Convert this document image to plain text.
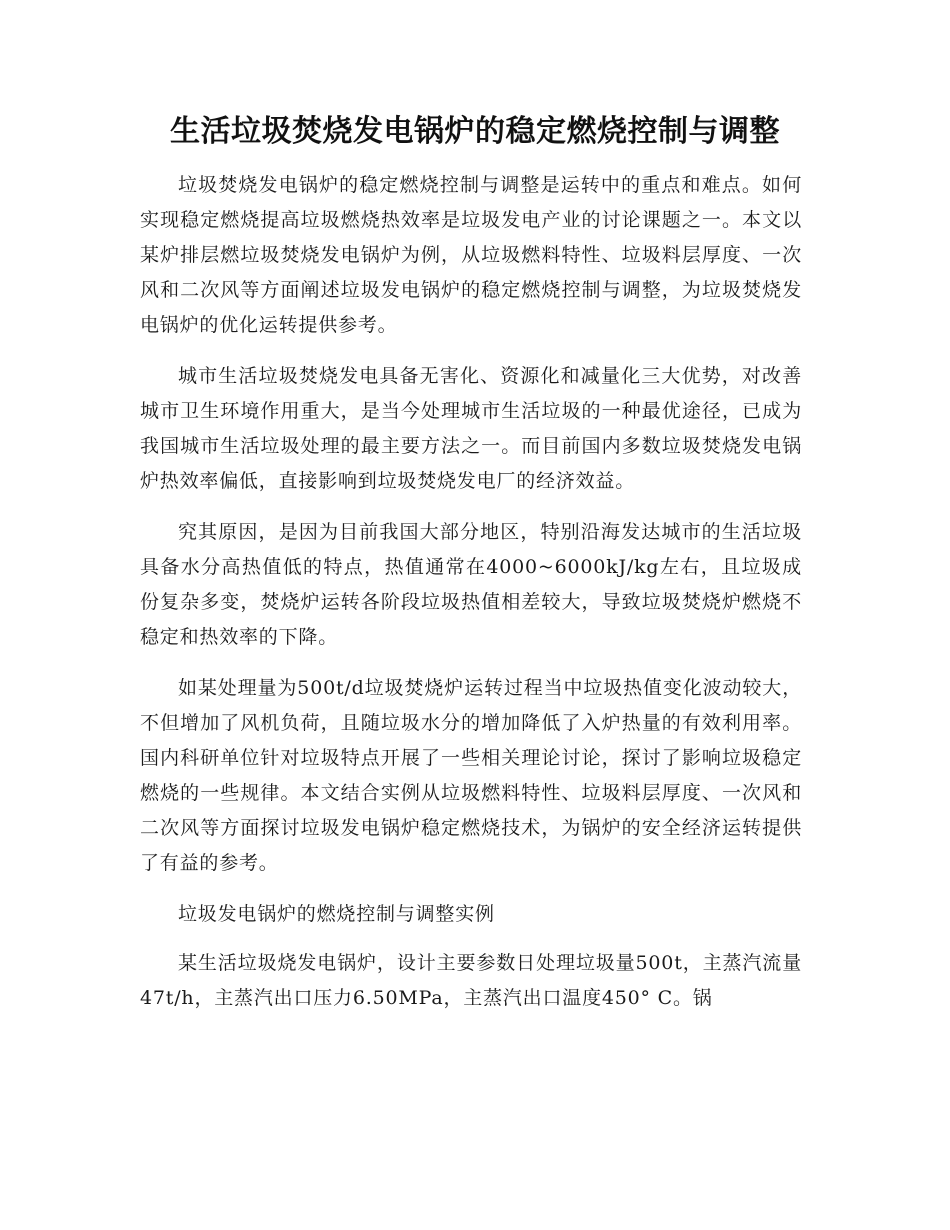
生活垃圾焚烧发电锅炉的稳定燃烧控制与调整

垃圾焚烧发电锅炉的稳定燃烧控制与调整是运转中的重点和难点。如何实现稳定燃烧提高垃圾燃烧热效率是垃圾发电产业的讨论课题之一。本文以某炉排层燃垃圾焚烧发电锅炉为例，从垃圾燃料特性、垃圾料层厚度、一次风和二次风等方面阐述垃圾发电锅炉的稳定燃烧控制与调整，为垃圾焚烧发电锅炉的优化运转提供参考。

城市生活垃圾焚烧发电具备无害化、资源化和减量化三大优势，对改善城市卫生环境作用重大，是当今处理城市生活垃圾的一种最优途径，已成为我国城市生活垃圾处理的最主要方法之一。而目前国内多数垃圾焚烧发电锅炉热效率偏低，直接影响到垃圾焚烧发电厂的经济效益。

究其原因，是因为目前我国大部分地区，特别沿海发达城市的生活垃圾具备水分高热值低的特点，热值通常在4000~6000kJ/kg左右，且垃圾成份复杂多变，焚烧炉运转各阶段垃圾热值相差较大，导致垃圾焚烧炉燃烧不稳定和热效率的下降。

如某处理量为500t/d垃圾焚烧炉运转过程当中垃圾热值变化波动较大，不但增加了风机负荷，且随垃圾水分的增加降低了入炉热量的有效利用率。国内科研单位针对垃圾特点开展了一些相关理论讨论，探讨了影响垃圾稳定燃烧的一些规律。本文结合实例从垃圾燃料特性、垃圾料层厚度、一次风和二次风等方面探讨垃圾发电锅炉稳定燃烧技术，为锅炉的安全经济运转提供了有益的参考。

垃圾发电锅炉的燃烧控制与调整实例

某生活垃圾烧发电锅炉，设计主要参数日处理垃圾量500t，主蒸汽流量47t/h，主蒸汽出口压力6.50MPa，主蒸汽出口温度450° C。锅
